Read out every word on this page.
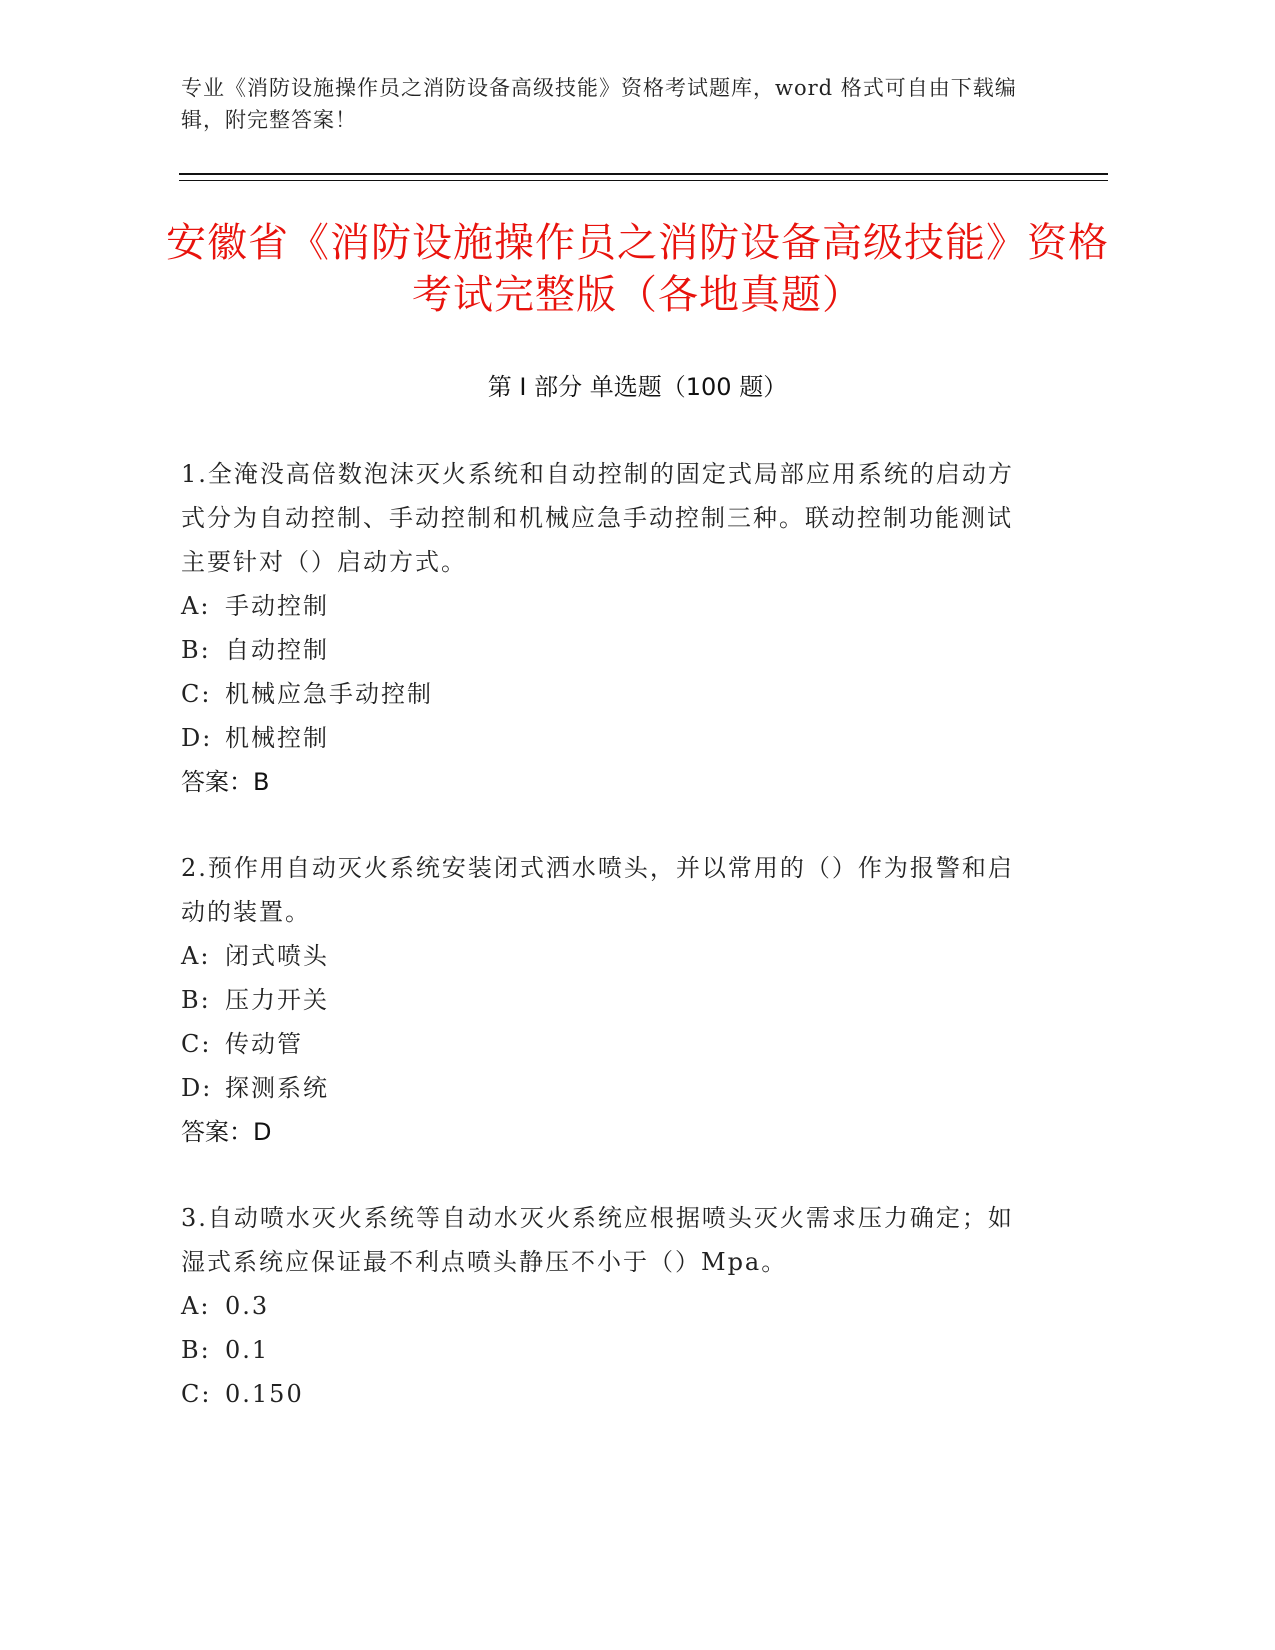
专业《消防设施操作员之消防设备高级技能》资格考试题库，word 格式可自由下载编辑，附完整答案！
安徽省《消防设施操作员之消防设备高级技能》资格考试完整版（各地真题）
第 I 部分 单选题（100 题）

1.全淹没高倍数泡沫灭火系统和自动控制的固定式局部应用系统的启动方式分为自动控制、手动控制和机械应急手动控制三种。联动控制功能测试主要针对（）启动方式。

A: 手动控制

B: 自动控制

C: 机械应急手动控制

D: 机械控制

答案：B

2.预作用自动灭火系统安装闭式洒水喷头，并以常用的（）作为报警和启动的装置。

A: 闭式喷头

B: 压力开关

C: 传动管

D: 探测系统

答案：D

3.自动喷水灭火系统等自动水灭火系统应根据喷头灭火需求压力确定；如湿式系统应保证最不利点喷头静压不小于（）Mpa。

A: 0.3

B: 0.1

C: 0.150
